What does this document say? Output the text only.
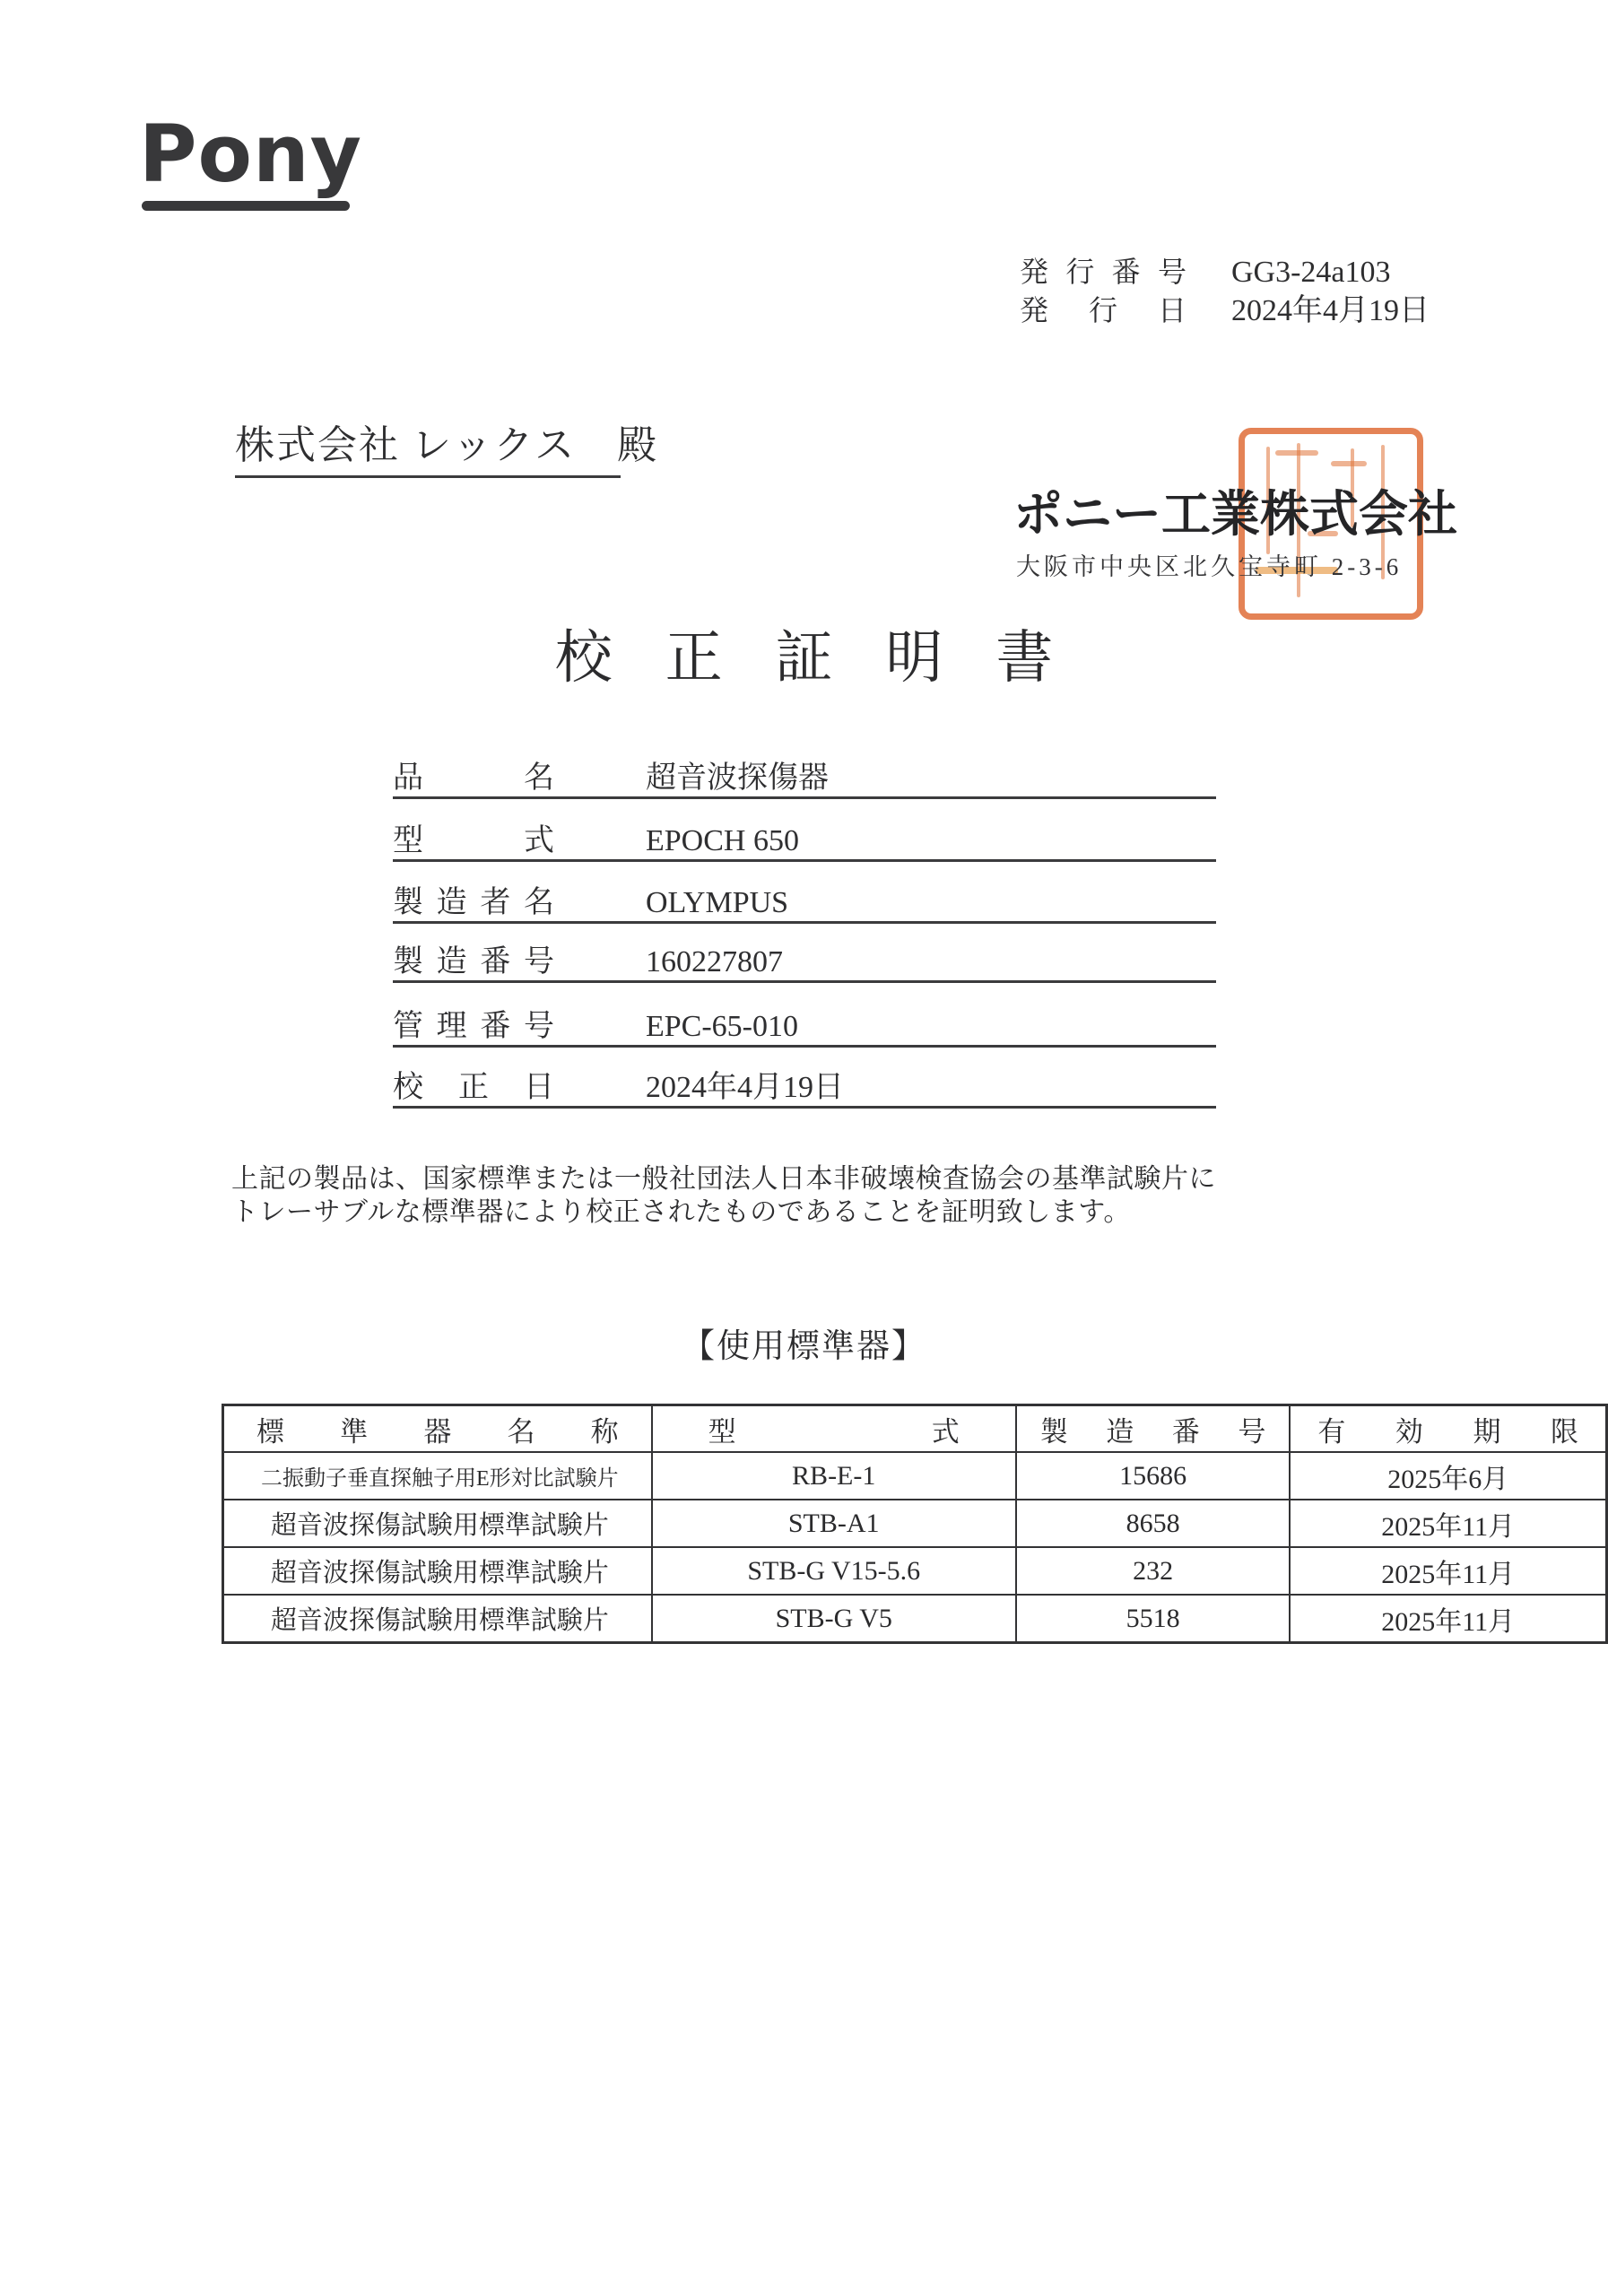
Pony
発行番号 GG3-24a103
発行日 2024年4月19日
株式会社 レックス　殿
ポニー工業株式会社
大阪市中央区北久宝寺町 2-3-6
校正証明書
品名	超音波探傷器
型式	EPOCH 650
製造者名	OLYMPUS
製造番号	160227807
管理番号	EPC-65-010
校正日	2024年4月19日
上記の製品は、国家標準または一般社団法人日本非破壊検査協会の基準試験片に
トレーサブルな標準器により校正されたものであることを証明致します。
【使用標準器】
標準器名称	型式	製造番号	有効期限
二振動子垂直探触子用E形対比試験片	RB-E-1	15686	2025年6月
超音波探傷試験用標準試験片	STB-A1	8658	2025年11月
超音波探傷試験用標準試験片	STB-G V15-5.6	232	2025年11月
超音波探傷試験用標準試験片	STB-G V5	5518	2025年11月
